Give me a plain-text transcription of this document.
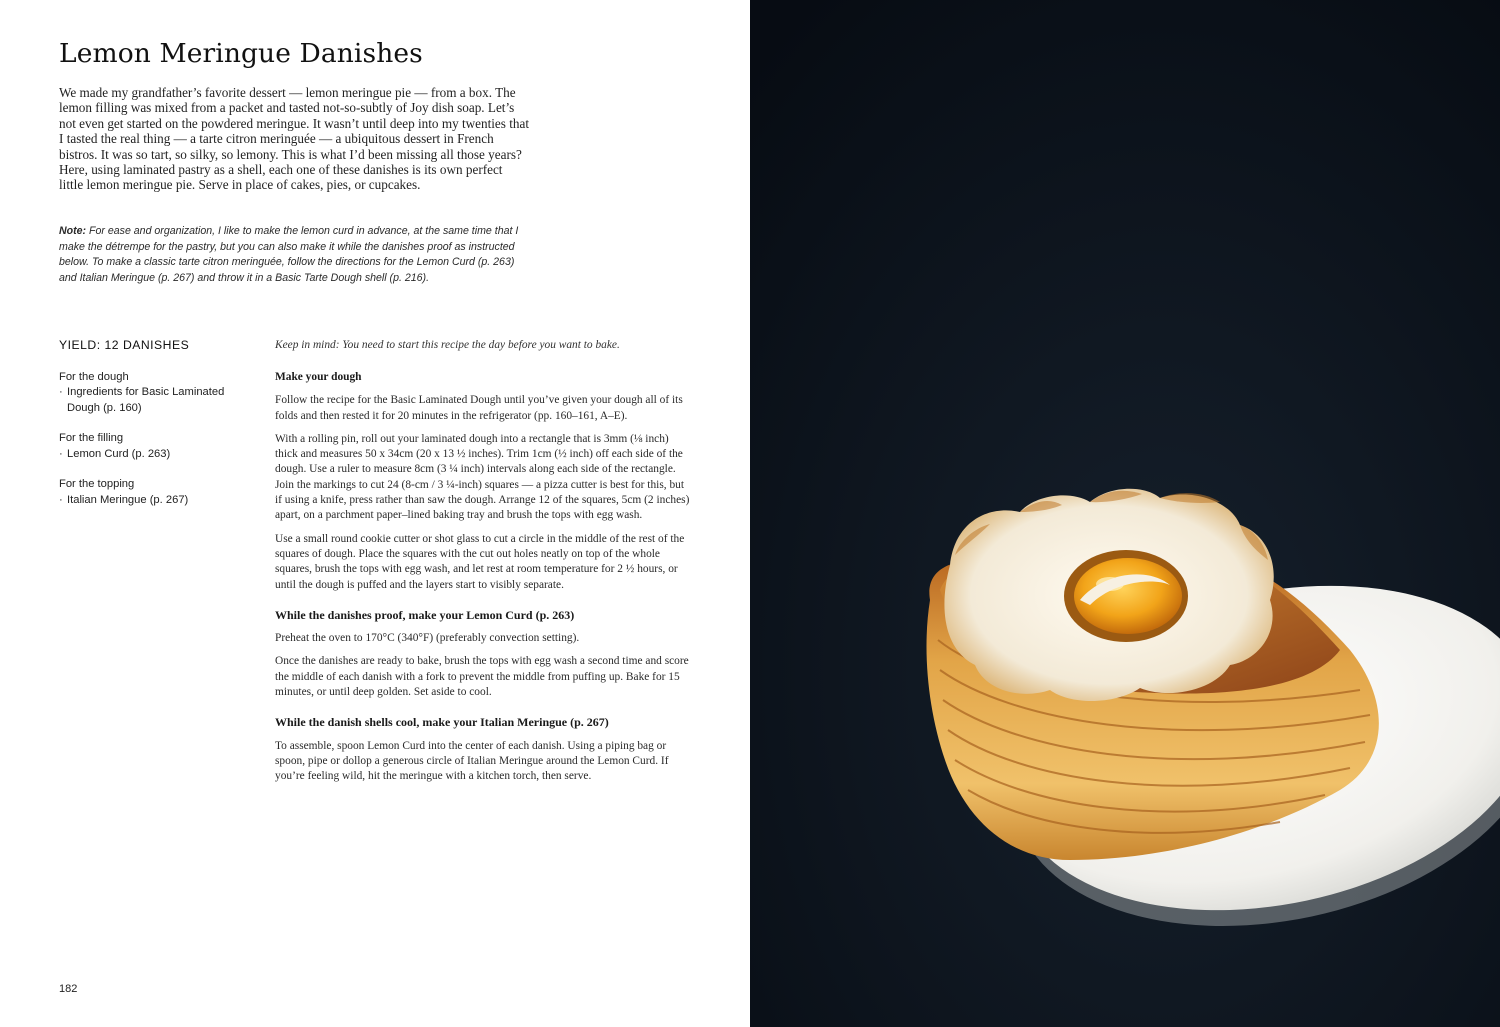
Lemon Meringue Danishes

We made my grandfather’s favorite dessert — lemon meringue pie — from a box. The lemon filling was mixed from a packet and tasted not-so-subtly of Joy dish soap. Let’s not even get started on the powdered meringue. It wasn’t until deep into my twenties that I tasted the real thing — a tarte citron meringuée — a ubiquitous dessert in French bistros. It was so tart, so silky, so lemony. This is what I’d been missing all those years? Here, using laminated pastry as a shell, each one of these danishes is its own perfect little lemon meringue pie. Serve in place of cakes, pies, or cupcakes.

Note: For ease and organization, I like to make the lemon curd in advance, at the same time that I make the détrempe for the pastry, but you can also make it while the danishes proof as instructed below. To make a classic tarte citron meringuée, follow the directions for the Lemon Curd (p. 263) and Italian Meringue (p. 267) and throw it in a Basic Tarte Dough shell (p. 216).
YIELD: 12 DANISHES

For the dough

· Ingredients for Basic Laminated Dough (p. 160)

For the filling

· Lemon Curd (p. 263)

For the topping

· Italian Meringue (p. 267)

Keep in mind: You need to start this recipe the day before you want to bake.

Make your dough

Follow the recipe for the Basic Laminated Dough until you’ve given your dough all of its folds and then rested it for 20 minutes in the refrigerator (pp. 160–161, A–E).

With a rolling pin, roll out your laminated dough into a rectangle that is 3mm (⅛ inch) thick and measures 50 x 34cm (20 x 13 ½ inches). Trim 1cm (½ inch) off each side of the dough. Use a ruler to measure 8cm (3 ¼ inch) intervals along each side of the rectangle. Join the markings to cut 24 (8-cm / 3 ¼-inch) squares — a pizza cutter is best for this, but if using a knife, press rather than saw the dough. Arrange 12 of the squares, 5cm (2 inches) apart, on a parchment paper–lined baking tray and brush the tops with egg wash.

Use a small round cookie cutter or shot glass to cut a circle in the middle of the rest of the squares of dough. Place the squares with the cut out holes neatly on top of the whole squares, brush the tops with egg wash, and let rest at room temperature for 2 ½ hours, or until the dough is puffed and the layers start to visibly separate.

While the danishes proof, make your Lemon Curd (p. 263)

Preheat the oven to 170°C (340°F) (preferably convection setting).

Once the danishes are ready to bake, brush the tops with egg wash a second time and score the middle of each danish with a fork to prevent the middle from puffing up. Bake for 15 minutes, or until deep golden. Set aside to cool.

While the danish shells cool, make your Italian Meringue (p. 267)

To assemble, spoon Lemon Curd into the center of each danish. Using a piping bag or spoon, pipe or dollop a generous circle of Italian Meringue around the Lemon Curd. If you’re feeling wild, hit the meringue with a kitchen torch, then serve.

182
